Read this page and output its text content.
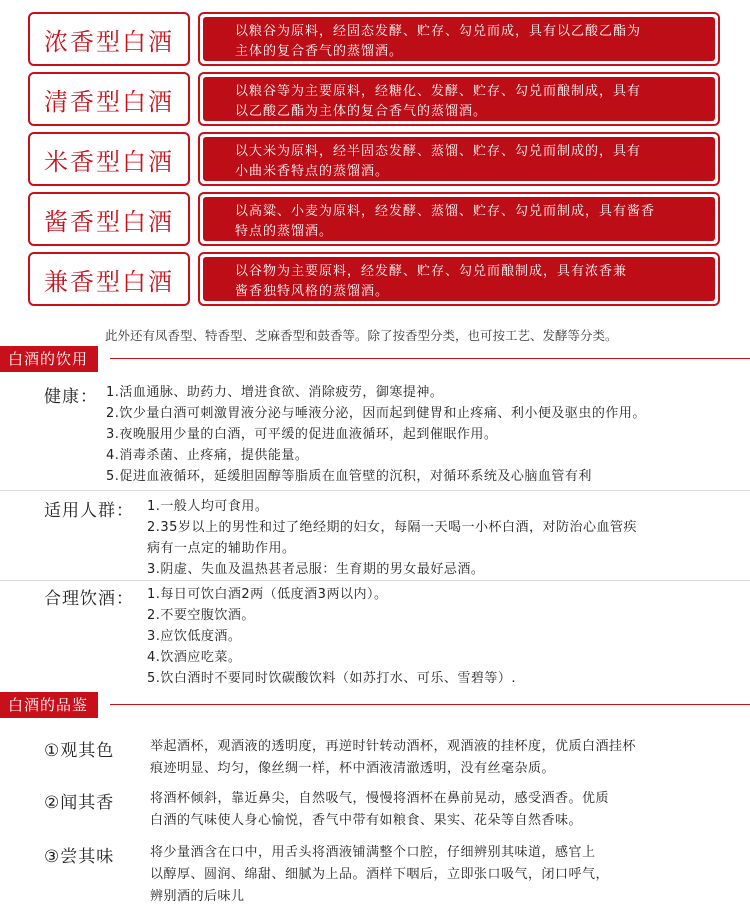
浓香型白酒	以粮谷为原料，经固态发酵、贮存、勾兑而成，具有以乙酸乙酯为
主体的复合香气的蒸馏酒。
清香型白酒	以粮谷等为主要原料，经糖化、发酵、贮存、勾兑而酿制成，具有
以乙酸乙酯为主体的复合香气的蒸馏酒。
米香型白酒	以大米为原料，经半固态发酵、蒸馏、贮存、勾兑而制成的，具有
小曲米香特点的蒸馏酒。
酱香型白酒	以高粱、小麦为原料，经发酵、蒸馏、贮存、勾兑而制成，具有酱香
特点的蒸馏酒。
兼香型白酒	以谷物为主要原料，经发酵、贮存、勾兑而酿制成，具有浓香兼
酱香独特风格的蒸馏酒。
此外还有凤香型、特香型、芝麻香型和鼓香等。除了按香型分类，也可按工艺、发酵等分类。
白酒的饮用
健康： 1.活血通脉、助药力、增进食欲、消除疲劳，御寒提神。
2.饮少量白酒可刺激胃液分泌与唾液分泌，因而起到健胃和止疼痛、利小便及驱虫的作用。
3.夜晚服用少量的白酒，可平缓的促进血液循环，起到催眠作用。
4.消毒杀菌、止疼痛，提供能量。
5.促进血液循环，延缓胆固醇等脂质在血管壁的沉积，对循环系统及心脑血管有利
适用人群： 1.一般人均可食用。
2.35岁以上的男性和过了绝经期的妇女，每隔一天喝一小杯白酒，对防治心血管疾
病有一点定的辅助作用。
3.阴虚、失血及温热甚者忌服：生育期的男女最好忌酒。
合理饮酒： 1.每日可饮白酒2两（低度酒3两以内）。
2.不要空腹饮酒。
3.应饮低度酒。
4.饮酒应吃菜。
5.饮白酒时不要同时饮碳酸饮料（如苏打水、可乐、雪碧等）.
白酒的品鉴
①观其色	举起酒杯，观酒液的透明度，再逆时针转动酒杯，观酒液的挂杯度，优质白酒挂杯
痕迹明显、均匀，像丝绸一样，杯中酒液清澈透明，没有丝毫杂质。
②闻其香	将酒杯倾斜，靠近鼻尖，自然吸气，慢慢将酒杯在鼻前晃动，感受酒香。优质
白酒的气味使人身心愉悦，香气中带有如粮食、果实、花朵等自然香味。
③尝其味	将少量酒含在口中，用舌头将酒液铺满整个口腔，仔细辨别其味道，感官上
以醇厚、圆润、绵甜、细腻为上品。酒样下咽后，立即张口吸气，闭口呼气，
辨别酒的后味儿
